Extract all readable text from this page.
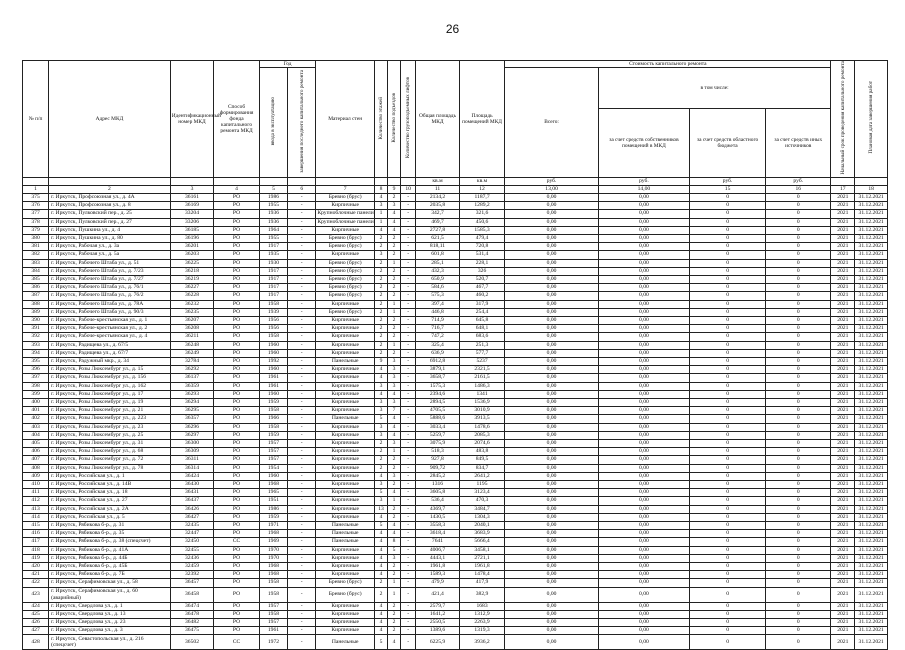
26
№ п/п	Адрес МКД	Идентификационный номер МКД	Способ формирования фонда капитального ремонта МКД	Год		Материал стен	Количество этажей	Количество подъездов	Количество грузоподъемных лифтов	Общая площадь МКД	Площадь помещений МКД	Стоимость капитального ремонта				Начальный срок проведения капитального ремонта	Плановая дата завершения работ
				ввода в эксплуатацию	завершения последнего капитального ремонта							Всего:	в том числе:				
													за счет средств собственников помещений в МКД	за счет средств областного бюджета	за счет средств иных источников		
										кв.м	кв.м	руб.	руб.	руб.	руб.		
1	2	3	4	5	6	7	8	9	10	11	12	13,00	14,00	15	16	17	18
375	г. Иркутск, Профсоюзная ул., д. 4А	36161	РО	1986	-	Бревно (брус)	4	2	-	2134,2	1187,7	0,00	0,00	0	0	2021	31.12.2021
376	г. Иркутск, Профсоюзная ул., д. 8	36169	РО	1955	-	Кирпичные	3	3	-	2035,8	1289,2	0,00	0,00	0	0	2021	31.12.2021
377	г. Иркутск, Пулковский пер., д. 25	33204	РО	1936	-	Крупноблочные панели	1	4	-	342,7	321,6	0,00	0,00	0	0	2021	31.12.2021
378	г. Иркутск, Пулковский пер., д. 27	33206	РО	1936	-	Крупноблочные панели	1	4	-	469,7	450,6	0,00	0,00	0	0	2021	31.12.2021
379	г. Иркутск, Пушкина ул., д. 4	36185	РО	1964	-	Кирпичные	4	4	-	2727,8	1585,3	0,00	0,00	0	0	2021	31.12.2021
380	г. Иркутск, Пушкина ул., д. 80	36196	РО	1955	-	Бревно (брус)	2	2	-	621,5	479,4	0,00	0,00	0	0	2021	31.12.2021
381	г. Иркутск, Рабочая ул., д. 3а	36201	РО	1917	-	Бревно (брус)	2	2	-	818,11	720,8	0,00	0,00	0	0	2021	31.12.2021
382	г. Иркутск, Рабочая ул., д. 5а	36203	РО	1935	-	Кирпичные	3	2	-	601,8	531,4	0,00	0,00	0	0	2021	31.12.2021
383	г. Иркутск, Рабочего Штаба ул., д. 51	36225	РО	1930	-	Бревно (брус)	2	1	-	285,1	228,1	0,00	0,00	0	0	2021	31.12.2021
384	г. Иркутск, Рабочего Штаба ул., д. 7/23	36218	РО	1917	-	Бревно (брус)	2	2	-	432,3	326	0,00	0,00	0	0	2021	31.12.2021
385	г. Иркутск, Рабочего Штаба ул., д. 7/27	36219	РО	1917	-	Бревно (брус)	2	2	-	650,9	520,7	0,00	0,00	0	0	2021	31.12.2021
386	г. Иркутск, Рабочего Штаба ул., д. 76/1	36227	РО	1917	-	Бревно (брус)	2	2	-	584,6	467,7	0,00	0,00	0	0	2021	31.12.2021
387	г. Иркутск, Рабочего Штаба ул., д. 76/2	36228	РО	1917	-	Бревно (брус)	2	2	-	575,3	460,2	0,00	0,00	0	0	2021	31.12.2021
388	г. Иркутск, Рабочего Штаба ул., д. 78А	36232	РО	1958	-	Кирпичные	2	1	-	397,4	317,9	0,00	0,00	0	0	2021	31.12.2021
389	г. Иркутск, Рабочего Штаба ул., д. 90/3	36235	РО	1939	-	Бревно (брус)	2	1	-	446,8	254,4	0,00	0,00	0	0	2021	31.12.2021
390	г. Иркутск, Рабоче-крестьянская ул., д. 1	36207	РО	1956	-	Кирпичные	2	2	-	714,9	645,8	0,00	0,00	0	0	2021	31.12.2021
391	г. Иркутск, Рабоче-крестьянская ул., д. 2	36208	РО	1956	-	Кирпичные	2	2	-	716,7	648,1	0,00	0,00	0	0	2021	31.12.2021
392	г. Иркутск, Рабоче-крестьянская ул., д. 4	36211	РО	1958	-	Кирпичные	2	2	-	747,2	683,6	0,00	0,00	0	0	2021	31.12.2021
393	г. Иркутск, Радищева ул., д. 67/5	36248	РО	1960	-	Кирпичные	2	1	-	325,4	251,3	0,00	0,00	0	0	2021	31.12.2021
394	г. Иркутск, Радищева ул., д. 67/7	36249	РО	1960	-	Кирпичные	2	2	-	636,9	577,7	0,00	0,00	0	0	2021	31.12.2021
395	г. Иркутск, Радужный мкр., д. 34	32784	РО	1992	-	Панельные	9	3	-	6912,8	5237	0,00	0,00	0	0	2021	31.12.2021
396	г. Иркутск, Розы Люксембург ул., д. 15	36292	РО	1960	-	Кирпичные	4	3	-	3879,1	2321,5	0,00	0,00	0	0	2021	31.12.2021
397	г. Иркутск, Розы Люксембург ул., д. 156	36137	РО	1961	-	Кирпичные	4	3	-	3658,7	2161,5	0,00	0,00	0	0	2021	31.12.2021
398	г. Иркутск, Розы Люксембург ул., д. 162	36359	РО	1961	-	Кирпичные	3	3	-	1575,3	1486,3	0,00	0,00	0	0	2021	31.12.2021
399	г. Иркутск, Розы Люксембург ул., д. 17	36293	РО	1960	-	Кирпичные	4	4	-	2394,6	1341	0,00	0,00	0	0	2021	31.12.2021
400	г. Иркутск, Розы Люксембург ул., д. 19	36294	РО	1959	-	Кирпичные	3	3	-	2894,5	1536,9	0,00	0,00	0	0	2021	31.12.2021
401	г. Иркутск, Розы Люксембург ул., д. 21	36295	РО	1958	-	Кирпичные	3	7	-	4705,5	3010,9	0,00	0,00	0	0	2021	31.12.2021
402	г. Иркутск, Розы Люксембург ул., д. 223	36357	РО	1966	-	Панельные	5	4	-	5888,6	3913,5	0,00	0,00	0	0	2021	31.12.2021
403	г. Иркутск, Розы Люксембург ул., д. 23	36296	РО	1958	-	Кирпичные	3	4	-	3033,4	1478,6	0,00	0,00	0	0	2021	31.12.2021
404	г. Иркутск, Розы Люксембург ул., д. 25	36297	РО	1959	-	Кирпичные	3	4	-	5259,7	2085,3	0,00	0,00	0	0	2021	31.12.2021
405	г. Иркутск, Розы Люксембург ул., д. 31	36300	РО	1957	-	Кирпичные	2	3	-	3075,9	2074,6	0,00	0,00	0	0	2021	31.12.2021
406	г. Иркутск, Розы Люксембург ул., д. 68	36309	РО	1957	-	Кирпичные	2	1	-	518,3	483,8	0,00	0,00	0	0	2021	31.12.2021
407	г. Иркутск, Розы Люксембург ул., д. 72	36311	РО	1957	-	Кирпичные	2	2	-	927,8	849,5	0,00	0,00	0	0	2021	31.12.2021
408	г. Иркутск, Розы Люксембург ул., д. 78	36314	РО	1954	-	Кирпичные	2	2	-	909,72	834,7	0,00	0,00	0	0	2021	31.12.2021
409	г. Иркутск, Российская ул., д. 1	36424	РО	1960	-	Кирпичные	4	3	-	2845,2	2641,2	0,00	0,00	0	0	2021	31.12.2021
410	г. Иркутск, Российская ул., д. 14В	36430	РО	1968	-	Кирпичные	3	2	-	1316	1195	0,00	0,00	0	0	2021	31.12.2021
411	г. Иркутск, Российская ул., д. 18	36431	РО	1965	-	Кирпичные	5	4	-	3605,8	3123,4	0,00	0,00	0	0	2021	31.12.2021
412	г. Иркутск, Российская ул., д. 27	36437	РО	1951	-	Кирпичные	3	1	-	536,4	470,3	0,00	0,00	0	0	2021	31.12.2021
413	г. Иркутск, Российская ул., д. 2А	36426	РО	1986	-	Кирпичные	13	2	-	4369,7	3484,7	0,00	0,00	0	0	2021	31.12.2021
414	г. Иркутск, Российская ул., д. 5	36427	РО	1959	-	Кирпичные	4	2	-	1430,5	1304,3	0,00	0,00	0	0	2021	31.12.2021
415	г. Иркутск, Рябикова б-р., д. 31	32435	РО	1971	-	Панельные	5	4	-	3558,3	2040,1	0,00	0,00	0	0	2021	31.12.2021
416	г. Иркутск, Рябикова б-р., д. 35	32447	РО	1968	-	Панельные	4	4	-	3618,4	3683,9	0,00	0,00	0	0	2021	31.12.2021
417	г. Иркутск, Рябикова б-р., д. 38 (спецсчет)	32450	СС	1969	-	Панельные	4	8	-	7641	5666,4	0,00	0,00	0	0	2021	31.12.2021
418	г. Иркутск, Рябикова б-р., д. 41А	32455	РО	1970	-	Кирпичные	4	5	-	4006,7	3458,1	0,00	0,00	0	0	2021	31.12.2021
419	г. Иркутск, Рябикова б-р., д. 44Б	32436	РО	1970	-	Кирпичные	4	3	-	4443,1	2721,1	0,00	0,00	0	0	2021	31.12.2021
420	г. Иркутск, Рябикова б-р., д. 45Б	32459	РО	1968	-	Кирпичные	4	2	-	1961,8	1961,8	0,00	0,00	0	0	2021	31.12.2021
421	г. Иркутск, Рябикова б-р., д. 7Б	32392	РО	1968	-	Кирпичные	4	2	-	1589,3	1478,4	0,00	0,00	0	0	2021	31.12.2021
422	г. Иркутск, Серафимовская ул., д. 58	36457	РО	1958	-	Бревно (брус)	2	1	-	479,9	417,9	0,00	0,00	0	0	2021	31.12.2021
423	г. Иркутск, Серафимовская ул., д. 60 (аварийный)	36458	РО	1958	-	Бревно (брус)	2	1	-	421,4	382,9	0,00	0,00	0	0	2021	31.12.2021
424	г. Иркутск, Свердлова ул., д. 1	36474	РО	1957	-	Кирпичные	4	2	-	2579,7	1683	0,00	0,00	0	0	2021	31.12.2021
425	г. Иркутск, Свердлова ул., д. 13	36478	РО	1958	-	Кирпичные	4	2	-	1641,2	1312,9	0,00	0,00	0	0	2021	31.12.2021
426	г. Иркутск, Свердлова ул., д. 23	36482	РО	1957	-	Кирпичные	4	2	-	2550,5	2263,9	0,00	0,00	0	0	2021	31.12.2021
427	г. Иркутск, Свердлова ул., д. 3	36475	РО	1961	-	Кирпичные	4	2	-	1389,6	1319,3	0,00	0,00	0	0	2021	31.12.2021
428	г. Иркутск, Севастопольская ул., д. 216 (спецсчет)	36502	СС	1972	-	Панельные	5	4	-	6225,9	3936,2	0,00	0,00	0	0	2021	31.12.2021
